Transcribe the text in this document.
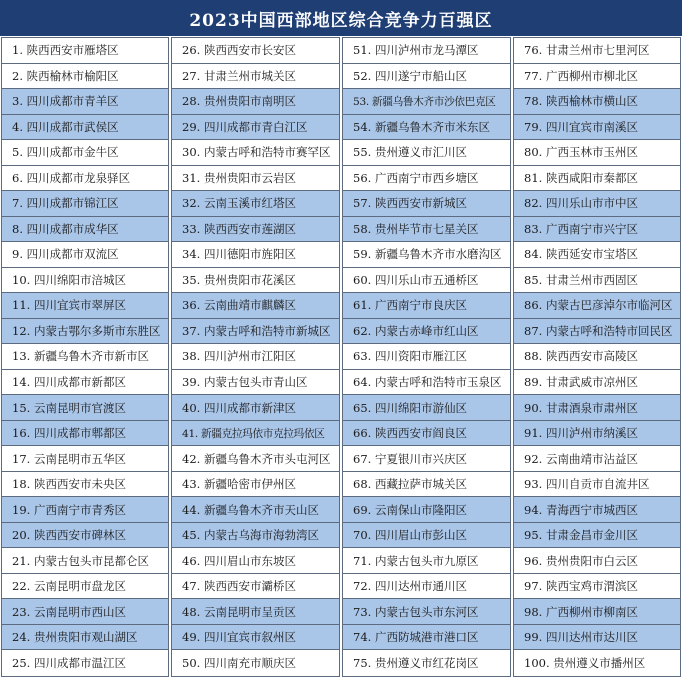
2023中国西部地区综合竞争力百强区
1. 陕西西安市雁塔区
2. 陕西榆林市榆阳区
3. 四川成都市青羊区
4. 四川成都市武侯区
5. 四川成都市金牛区
6. 四川成都市龙泉驿区
7. 四川成都市锦江区
8. 四川成都市成华区
9. 四川成都市双流区
10. 四川绵阳市涪城区
11. 四川宜宾市翠屏区
12. 内蒙古鄂尔多斯市东胜区
13. 新疆乌鲁木齐市新市区
14. 四川成都市新都区
15. 云南昆明市官渡区
16. 四川成都市郫都区
17. 云南昆明市五华区
18. 陕西西安市未央区
19. 广西南宁市青秀区
20. 陕西西安市碑林区
21. 内蒙古包头市昆都仑区
22. 云南昆明市盘龙区
23. 云南昆明市西山区
24. 贵州贵阳市观山湖区
25. 四川成都市温江区
26. 陕西西安市长安区
27. 甘肃兰州市城关区
28. 贵州贵阳市南明区
29. 四川成都市青白江区
30. 内蒙古呼和浩特市赛罕区
31. 贵州贵阳市云岩区
32. 云南玉溪市红塔区
33. 陕西西安市莲湖区
34. 四川德阳市旌阳区
35. 贵州贵阳市花溪区
36. 云南曲靖市麒麟区
37. 内蒙古呼和浩特市新城区
38. 四川泸州市江阳区
39. 内蒙古包头市青山区
40. 四川成都市新津区
41. 新疆克拉玛依市克拉玛依区
42. 新疆乌鲁木齐市头屯河区
43. 新疆哈密市伊州区
44. 新疆乌鲁木齐市天山区
45. 内蒙古乌海市海勃湾区
46. 四川眉山市东坡区
47. 陕西西安市灞桥区
48. 云南昆明市呈贡区
49. 四川宜宾市叙州区
50. 四川南充市顺庆区
51. 四川泸州市龙马潭区
52. 四川遂宁市船山区
53. 新疆乌鲁木齐市沙依巴克区
54. 新疆乌鲁木齐市米东区
55. 贵州遵义市汇川区
56. 广西南宁市西乡塘区
57. 陕西西安市新城区
58. 贵州毕节市七星关区
59. 新疆乌鲁木齐市水磨沟区
60. 四川乐山市五通桥区
61. 广西南宁市良庆区
62. 内蒙古赤峰市红山区
63. 四川资阳市雁江区
64. 内蒙古呼和浩特市玉泉区
65. 四川绵阳市游仙区
66. 陕西西安市阎良区
67. 宁夏银川市兴庆区
68. 西藏拉萨市城关区
69. 云南保山市隆阳区
70. 四川眉山市彭山区
71. 内蒙古包头市九原区
72. 四川达州市通川区
73. 内蒙古包头市东河区
74. 广西防城港市港口区
75. 贵州遵义市红花岗区
76. 甘肃兰州市七里河区
77. 广西柳州市柳北区
78. 陕西榆林市横山区
79. 四川宜宾市南溪区
80. 广西玉林市玉州区
81. 陕西咸阳市秦都区
82. 四川乐山市市中区
83. 广西南宁市兴宁区
84. 陕西延安市宝塔区
85. 甘肃兰州市西固区
86. 内蒙古巴彦淖尔市临河区
87. 内蒙古呼和浩特市回民区
88. 陕西西安市高陵区
89. 甘肃武威市凉州区
90. 甘肃酒泉市肃州区
91. 四川泸州市纳溪区
92. 云南曲靖市沾益区
93. 四川自贡市自流井区
94. 青海西宁市城西区
95. 甘肃金昌市金川区
96. 贵州贵阳市白云区
97. 陕西宝鸡市渭滨区
98. 广西柳州市柳南区
99. 四川达州市达川区
100. 贵州遵义市播州区
